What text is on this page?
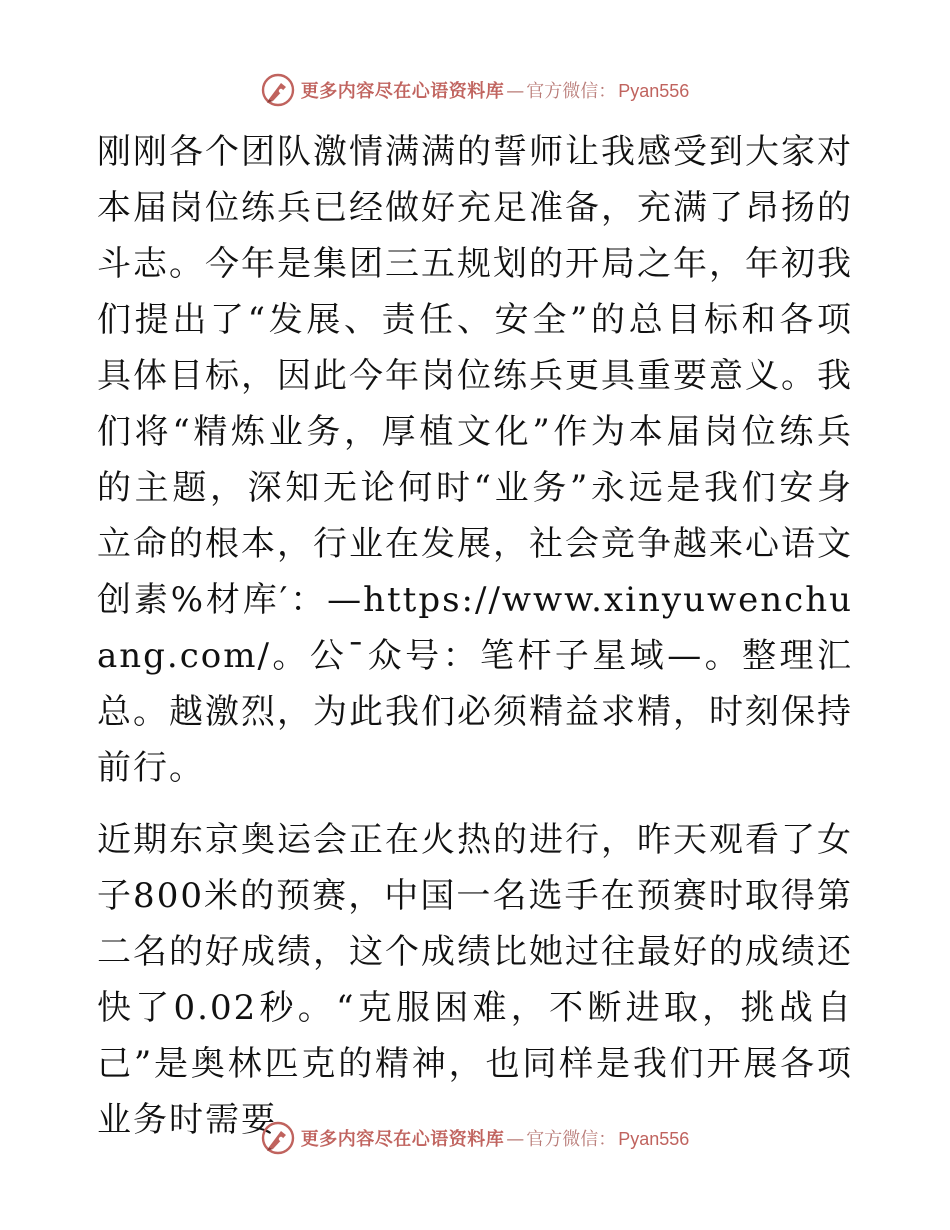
更多内容尽在心语资料库 — 官方微信： Pyan556

刚刚各个团队激情满满的誓师让我感受到大家对本届岗位练兵已经做好充足准备，充满了昂扬的斗志。今年是集团三五规划的开局之年，年初我们提出了“发展、责任、安全”的总目标和各项具体目标，因此今年岗位练兵更具重要意义。我们将“精炼业务，厚植文化”作为本届岗位练兵的主题，深知无论何时“业务”永远是我们安身立命的根本，行业在发展，社会竞争越来心语文创素%材库′：—https://www.xinyuwenchuang.com/。公¯众号：笔杆子星域—。整理汇总。越激烈，为此我们必须精益求精，时刻保持前行。

近期东京奥运会正在火热的进行，昨天观看了女子800米的预赛，中国一名选手在预赛时取得第二名的好成绩，这个成绩比她过往最好的成绩还快了0.02秒。“克服困难，不断进取，挑战自己”是奥林匹克的精神，也同样是我们开展各项业务时需要	更多内容尽在心语资料库 — 官方微信： Pyan556
